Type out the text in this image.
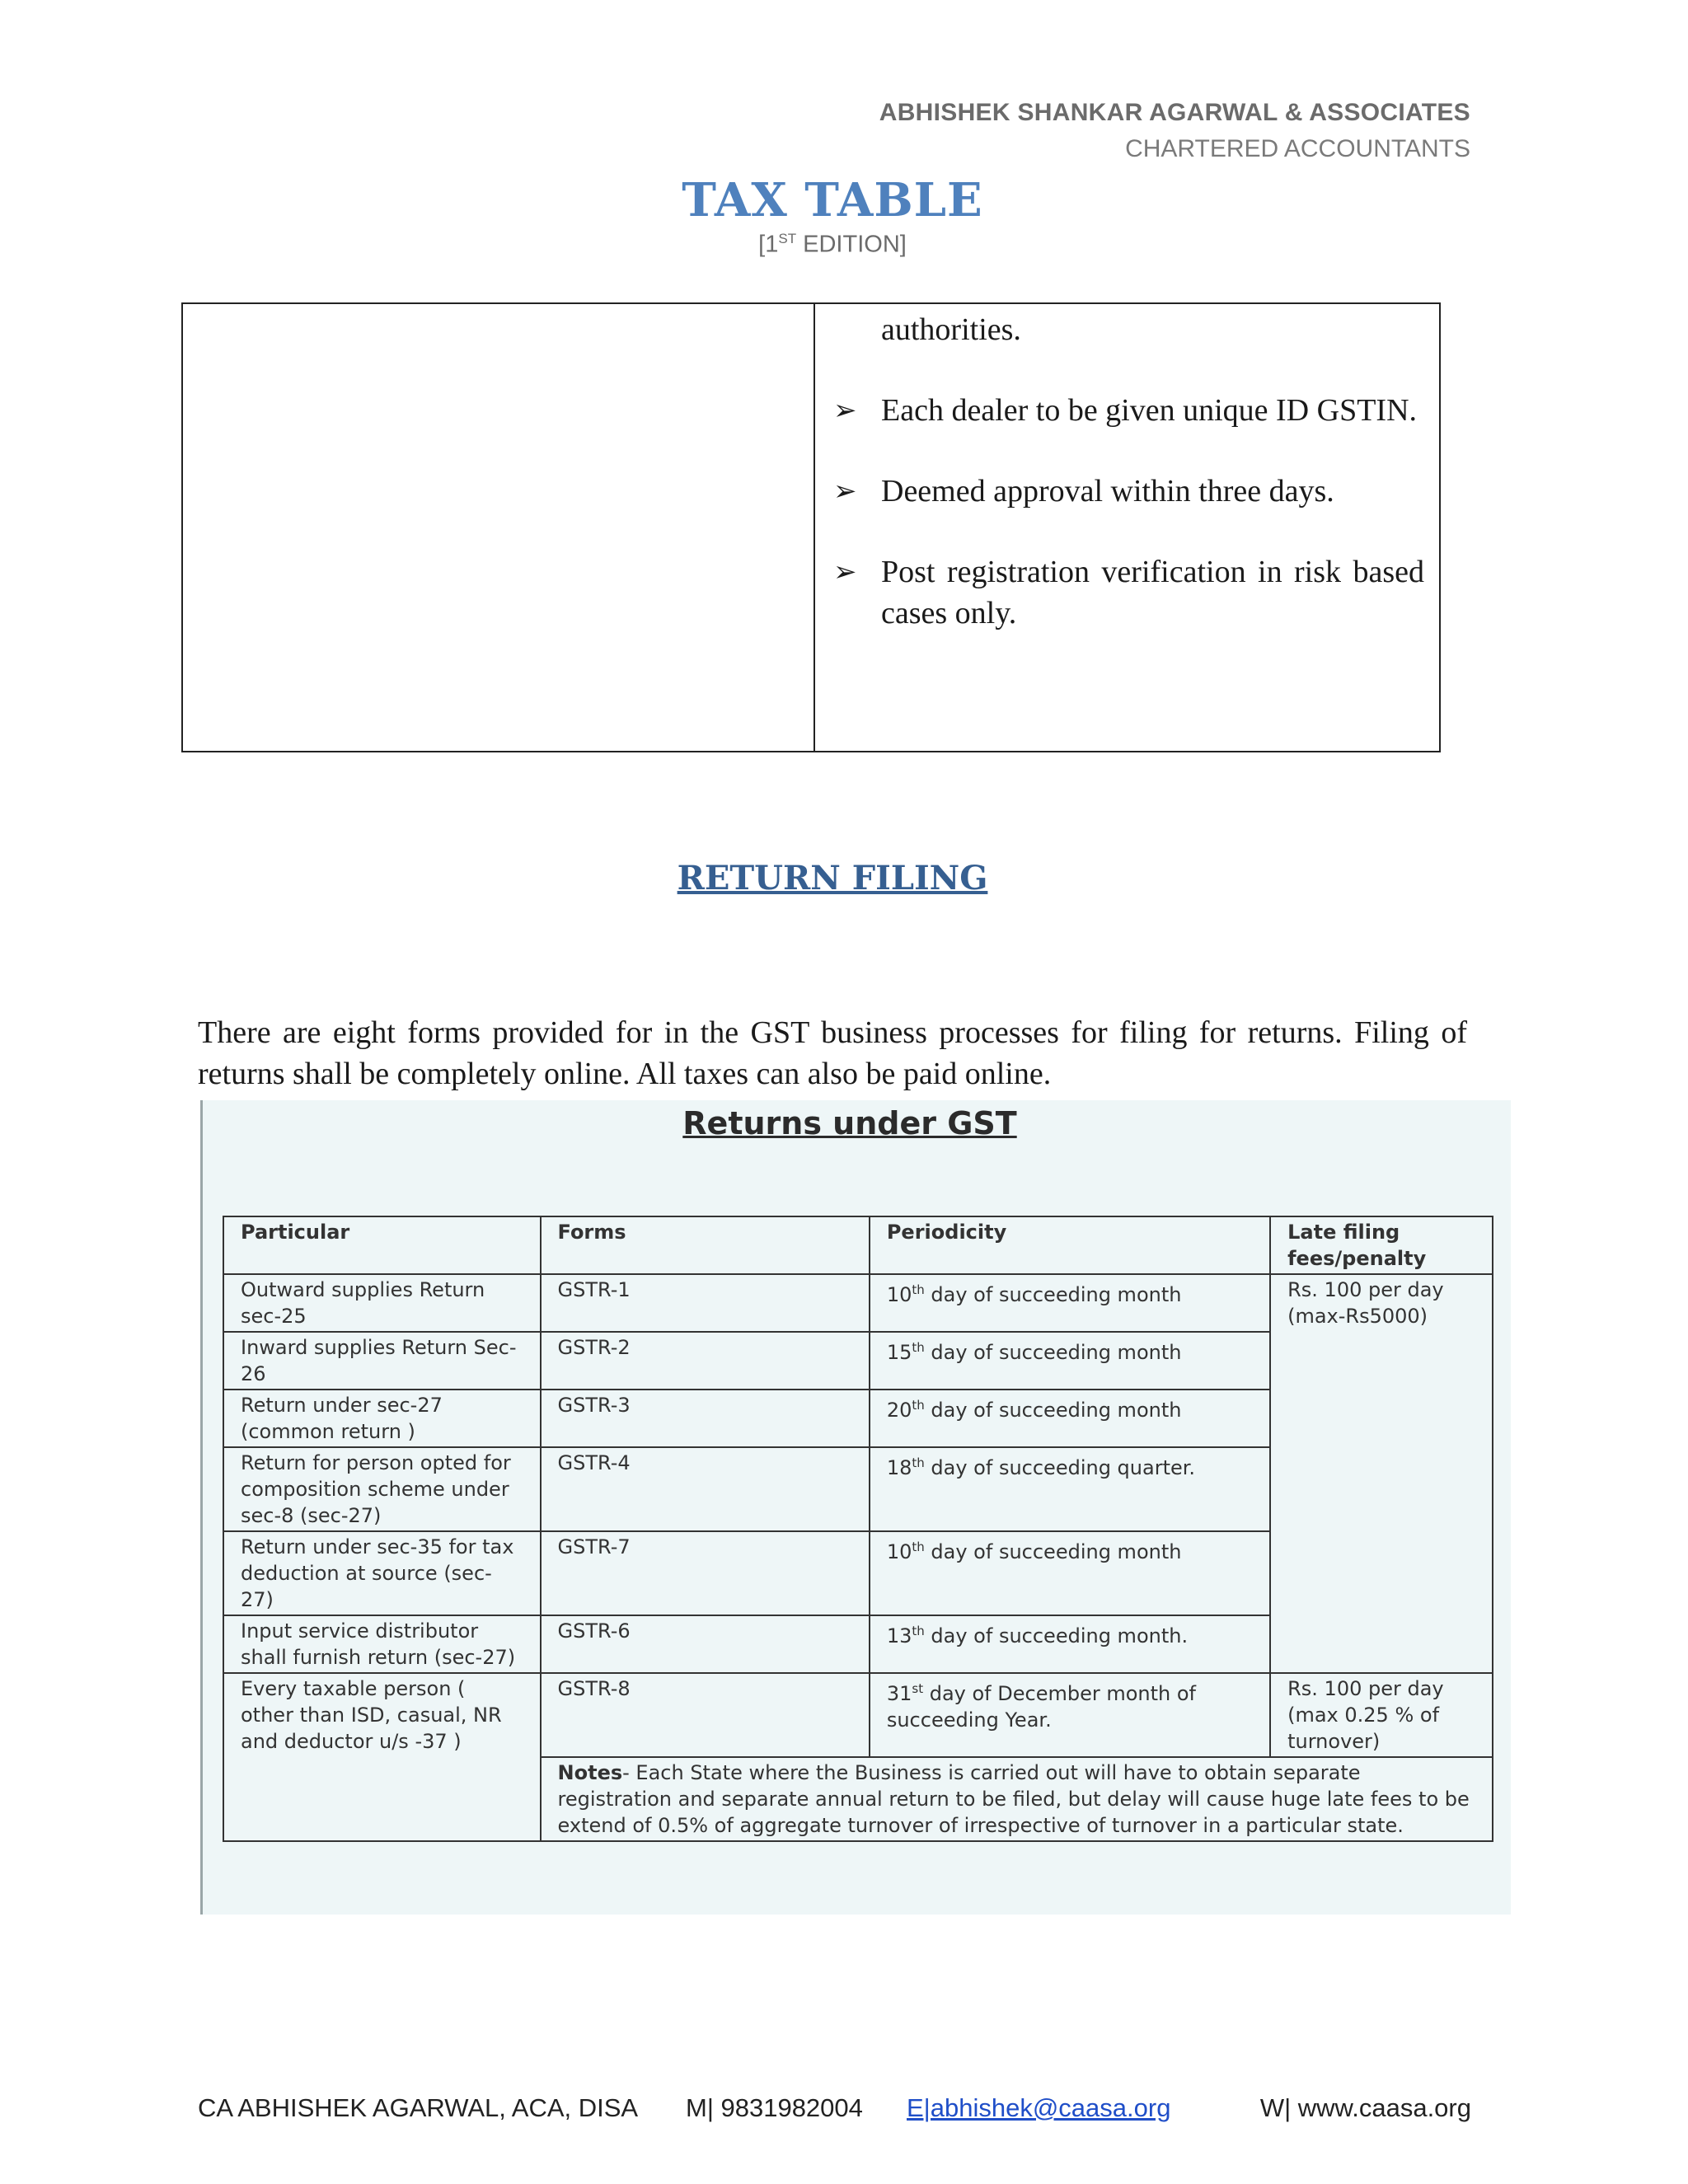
ABHISHEK SHANKAR AGARWAL & ASSOCIATES
CHARTERED ACCOUNTANTS
TAX TABLE
[1ST EDITION]

authorities.

➢ Each dealer to be given unique ID GSTIN.

➢ Deemed approval within three days.

➢ Post registration verification in risk based cases only.

RETURN FILING

There are eight forms provided for in the GST business processes for filing for returns. Filing of returns shall be completely online. All taxes can also be paid online.

Returns under GST
Particular	Forms	Periodicity	Late filing fees/penalty
Outward supplies Return sec-25	GSTR-1	10th day of succeeding month	Rs. 100 per day (max-Rs5000)
Inward supplies Return Sec-26	GSTR-2	15th day of succeeding month	
Return under sec-27 (common return )	GSTR-3	20th day of succeeding month	
Return for person opted for composition scheme under sec-8 (sec-27)	GSTR-4	18th day of succeeding quarter.	
Return under sec-35 for tax deduction at source (sec-27)	GSTR-7	10th day of succeeding month	
Input service distributor shall furnish return (sec-27)	GSTR-6	13th day of succeeding month.	
Every taxable person ( other than ISD, casual, NR and deductor u/s -37 )	GSTR-8	31st day of December month of succeeding Year.	Rs. 100 per day (max 0.25 % of turnover)
	Notes- Each State where the Business is carried out will have to obtain separate registration and separate annual return to be filed, but delay will cause huge late fees to be extend of 0.5% of aggregate turnover of irrespective of turnover in a particular state.		
CA ABHISHEK AGARWAL, ACA, DISA M| 9831982004 E|abhishek@caasa.org	W| www.caasa.org
